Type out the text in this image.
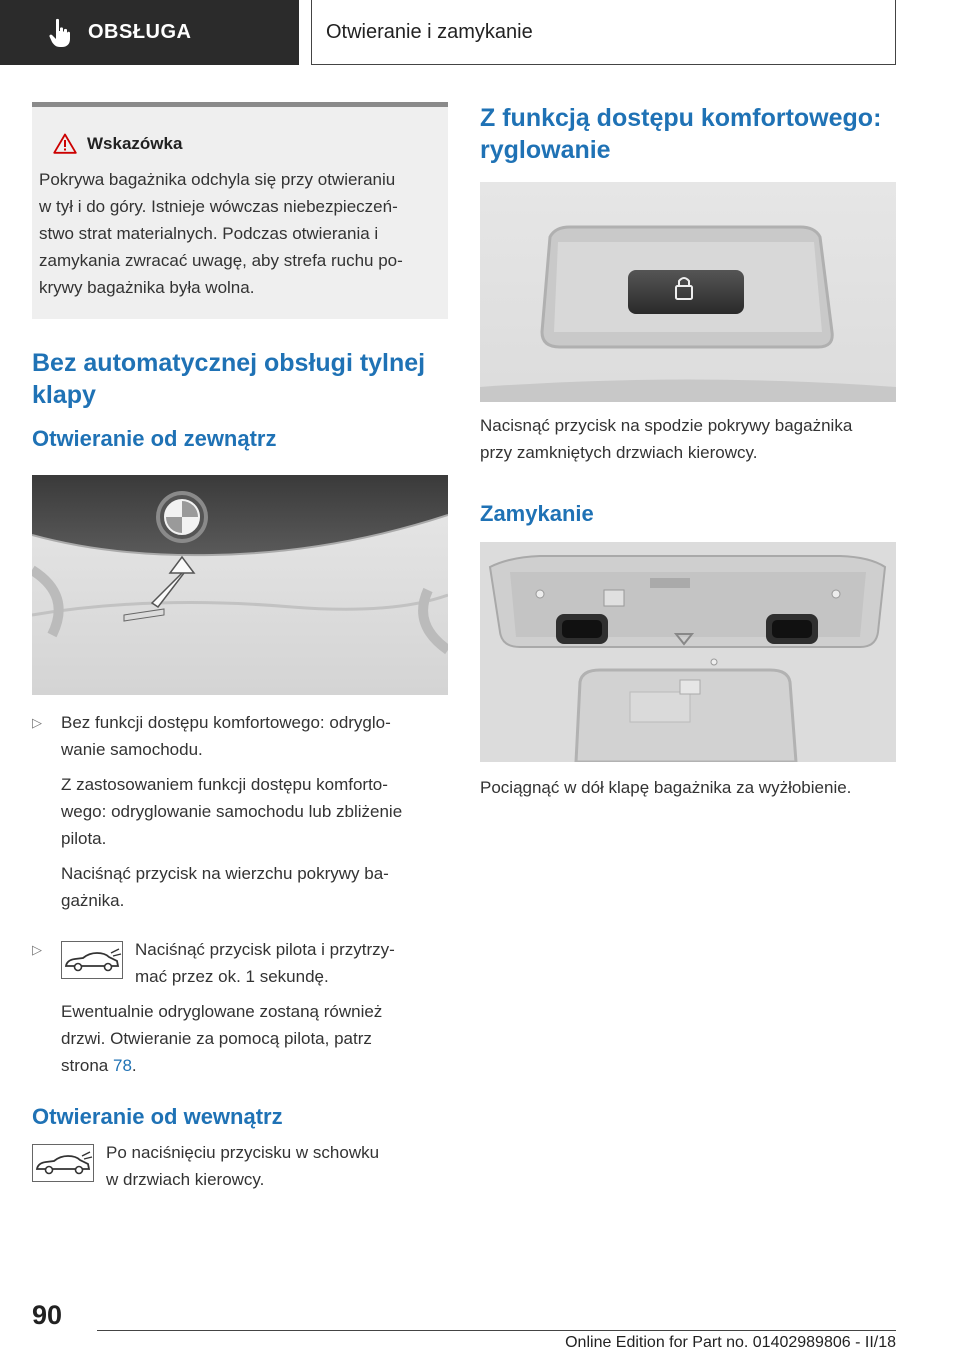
OBSŁUGA	Otwieranie i zamykanie
Wskazówka
Pokrywa bagażnika odchyla się przy otwieraniu
w tył i do góry. Istnieje wówczas niebezpieczeń-
stwo strat materialnych. Podczas otwierania i
zamykania zwracać uwagę, aby strefa ruchu po-
krywy bagażnika była wolna.
Bez automatycznej obsługi tylnej
klapy
Otwieranie od zewnątrz
▷	Bez funkcji dostępu komfortowego: odryglo-
wanie samochodu.

Z zastosowaniem funkcji dostępu komforto-
wego: odryglowanie samochodu lub zbliżenie
pilota.

Naciśnąć przycisk na wierzchu pokrywy ba-
gażnika.

▷	Naciśnąć przycisk pilota i przytrzy-
mać przez ok. 1 sekundę.

Ewentualnie odryglowane zostaną również
drzwi. Otwieranie za pomocą pilota, patrz
strona 78.

Otwieranie od wewnątrz

Po naciśnięciu przycisku w schowku
w drzwiach kierowcy.

Z funkcją dostępu komfortowego:
ryglowanie

Nacisnąć przycisk na spodzie pokrywy bagażnika
przy zamkniętych drzwiach kierowcy.

Zamykanie

Pociągnąć w dół klapę bagażnika za wyżłobienie.

90
Online Edition for Part no. 01402989806 - II/18
